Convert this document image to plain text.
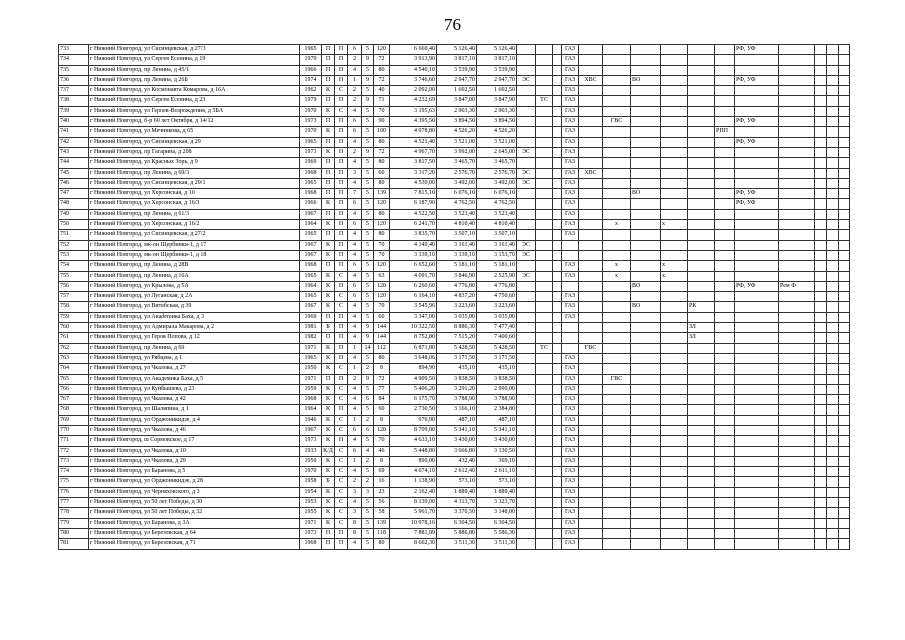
76
733	г Нижний Новгород, ул Сисинцевская, д 27/3	1965	П	П	6	5	120	6 660,40	5 126,40	5 126,40				ГАЗ							РФ, УФ				
734	г Нижний Новгород, ул Сергея Есенина, д 19	1979	П	П	2	9	72	3 913,90	3 817,10	3 817,10				ГАЗ											
735	г Нижний Новгород, пр Ленина, д 45/1	1966	П	П	4	5	80	4 540,10	3 539,90	3 539,90				ГАЗ											
736	г Нижний Новгород, пр Ленина, д 26Б	1974	П	П	1	9	72	3 746,60	2 947,70	2 947,70	ЭС			ГАЗ	ХВС		ВО				РФ, УФ				
737	г Нижний Новгород, ул Космонавта Комарова, д 16А	1962	К	С	2	5	40	2 092,00	1 602,50	1 602,50				ГАЗ											
738	г Нижний Новгород, ул Сергея Есенина, д 23	1979	П	П	2	9	71	4 232,69	3 847,00	3 847,90		ТС		ГАЗ											
739	г Нижний Новгород, ул Героев-Возрождения, д 5БА	1970	К	С	4	5	70	3 195,63	2 903,30	2 903,30				ГАЗ											
740	г Нижний Новгород, б-р 60 лет Октября, д 14/12	1973	П	П	6	5	90	4 395,50	3 894,50	3 894,50				ГАЗ		ГВС					РФ, УФ				
741	г Нижний Новгород, ул Мечникова, д 65	1970	К	П	6	5	100	4 978,80	4 526,20	4 526,20				ГАЗ						РПП					
742	г Нижний Новгород, ул Сисинцевская, д 29	1965	П	П	4	5	80	4 521,40	3 521,00	3 521,00				ГАЗ							РФ, УФ				
743	г Нижний Новгород, пр Гагарина, д 208	1973	К	П	2	9	72	4 967,70	3 992,00	2 645,00	ЭС			ГАЗ											
744	г Нижний Новгород, ул Красных Зорь, д 9	1969	П	П	4	5	80	3 817,50	3 465,70	3 465,70				ГАЗ											
745	г Нижний Новгород, пр Ленина, д 69/3	1968	П	П	3	5	60	3 317,20	2 576,70	2 576,70	ЭС			ГАЗ	ХВС										
746	г Нижний Новгород, ул Сисинцевская, д 29/1	1965	П	П	4	5	80	4 530,00	3 492,00	3 492,00	ЭС			ГАЗ											
747	г Нижний Новгород, ул Херсонская, д 10	1968	П	П	7	5	139	7 815,10	6 076,10	6 076,10				ГАЗ			ВО				РФ, УФ				
748	г Нижний Новгород, ул Херсонская, д 16/3	1966	К	П	6	5	120	6 187,90	4 762,50	4 762,50				ГАЗ							РФ, УФ				
749	г Нижний Новгород, пр Ленина, д 61/3	1967	П	П	4	5	80	4 522,50	3 523,40	3 523,40				ГАЗ											
750	г Нижний Новгород, ул Херсонская, д 16/2	1964	К	П	6	5	120	6 241,70	4 810,40	4 810,40				ГАЗ		х		х							
751	г Нижний Новгород, ул Сисинцевская, д 27/2	1965	П	П	4	5	80	3 835,70	3 507,10	3 507,10				ГАЗ											
752	г Нижний Новгород, мк-он Щербинки-1, д 17	1967	К	П	4	5	70	4 149,40	3 161,40	3 161,40	ЭС														
753	г Нижний Новгород, мк-он Щербинки-1, д 18	1967	К	П	4	5	70	3 339,10	3 339,10	3 153,70	ЭС														
754	г Нижний Новгород, пр Ленина, д 28В	1968	П	П	6	5	120	6 652,60	5 181,10	5 181,10				ГАЗ		х		х							
755	г Нижний Новгород, пр Ленина, д 16А	1965	К	С	4	5	63	4 091,70	3 846,90	2 525,90	ЭС			ГАЗ		х		х							
756	г Нижний Новгород, ул Крылова, д 5А	1964	К	П	6	5	120	6 260,60	4 776,80	4 776,80							ВО				РФ, УФ	Рем Ф			
757	г Нижний Новгород, ул Луганская, д 2А	1965	К	С	6	5	120	6 164,10	4 837,20	4 750,60				ГАЗ											
758	г Нижний Новгород, ул Витебская, д 39	1967	К	С	4	5	70	3 545,96	3 223,60	3 223,60				ГАЗ			ВО		РК						
759	г Нижний Новгород, ул Акademика Баха, д 3	1969	П	П	4	5	60	3 347,00	3 035,00	3 035,00				ГАЗ											
760	г Нижний Новгород, ул Адмирала Макарова, д 2	1981	Б	П	4	9	144	10 322,50	8 886,30	7 477,40									ЗЛ						
761	г Нижний Новгород, ул Героя Попова, д 12	1982	П	П	4	9	144	8 752,80	7 515,20	7 400,60									ЗЛ						
762	г Нижний Новгород, пр Ленина, д 69	1971	К	П	1	14	112	6 871,80	5 428,50	5 428,50		ТС			ГВС										
763	г Нижний Новгород, ул Рябцева, д 1	1965	К	П	4	5	80	3 648,06	3 171,50	3 171,50				ГАЗ											
764	г Нижний Новгород, ул Чкалова, д 27	1950	К	С	1	2	8	894,90	435,10	435,10				ГАЗ											
765	г Нижний Новгород, ул Академика Баха, д 5	1971	П	П	2	9	72	4 909,50	3 838,50	3 838,50				ГАЗ		ГВС									
766	г Нижний Новгород, ул Куйбышева, д 23	1959	К	С	4	5	77	5 406,20	3 291,20	2 990,00				ГАЗ											
767	г Нижний Новгород, ул Чкалова, д 42	1968	К	С	4	6	84	6 175,70	3 788,90	3 788,90				ГАЗ											
768	г Нижний Новгород, ул Шаляпина, д 1	1964	К	П	4	5	60	2 730,50	3 166,10	2 384,80				ГАЗ											
769	г Нижний Новгород, ул Орджоникидзе, д 4	1946	К	С	1	2	8	976,90	487,10	487,10				ГАЗ											
770	г Нижний Новгород, ул Чкалова, д 46	1967	К	С	6	6	120	8 709,80	5 341,10	5 341,10				ГАЗ											
771	г Нижний Новгород, ш Сормовское, д 17	1973	К	П	4	5	70	4 633,10	3 430,00	3 430,00				ГАЗ											
772	г Нижний Новгород, ул Чкалова, д 10	1933	К/Д	С	6	4	46	5 448,80	3 666,80	3 130,50				ГАЗ											
773	г Нижний Новгород, ул Чкалова, д 29	1950	К	С	1	2	8	890,00	432,40	369,10				ГАЗ											
774	г Нижний Новгород, ул Баранова, д 5	1970	К	С	4	5	69	4 674,10	2 612,40	2 611,10				ГАЗ											
775	г Нижний Новгород, ул Орджоникидзе, д 28	1958	Б	С	2	2	16	1 138,90	573,10	573,10				ГАЗ											
776	г Нижний Новгород, ул Черняховского, д 3	1954	К	С	3	3	23	2 162,40	1 889,40	1 889,40				ГАЗ											
777	г Нижний Новгород, ул 50 лет Победы, д 30	1953	К	С	4	5	56	8 139,00	4 313,70	3 323,70				ГАЗ											
778	г Нижний Новгород, ул 50 лет Победы, д 32	1955	К	С	3	5	58	5 961,70	3 370,50	3 148,00				ГАЗ											
779	г Нижний Новгород, ул Баранова, д 3А	1971	К	С	8	5	139	10 978,16	6 304,50	6 304,50				ГАЗ											
780	г Нижний Новгород, ул Березовская, д 64	1973	П	П	8	5	118	7 881,89	5 886,80	5 586,30				ГАЗ											
781	г Нижний Новгород, ул Березовская, д 71	1968	П	П	4	5	80	8 662,30	3 511,30	3 511,30				ГАЗ											
